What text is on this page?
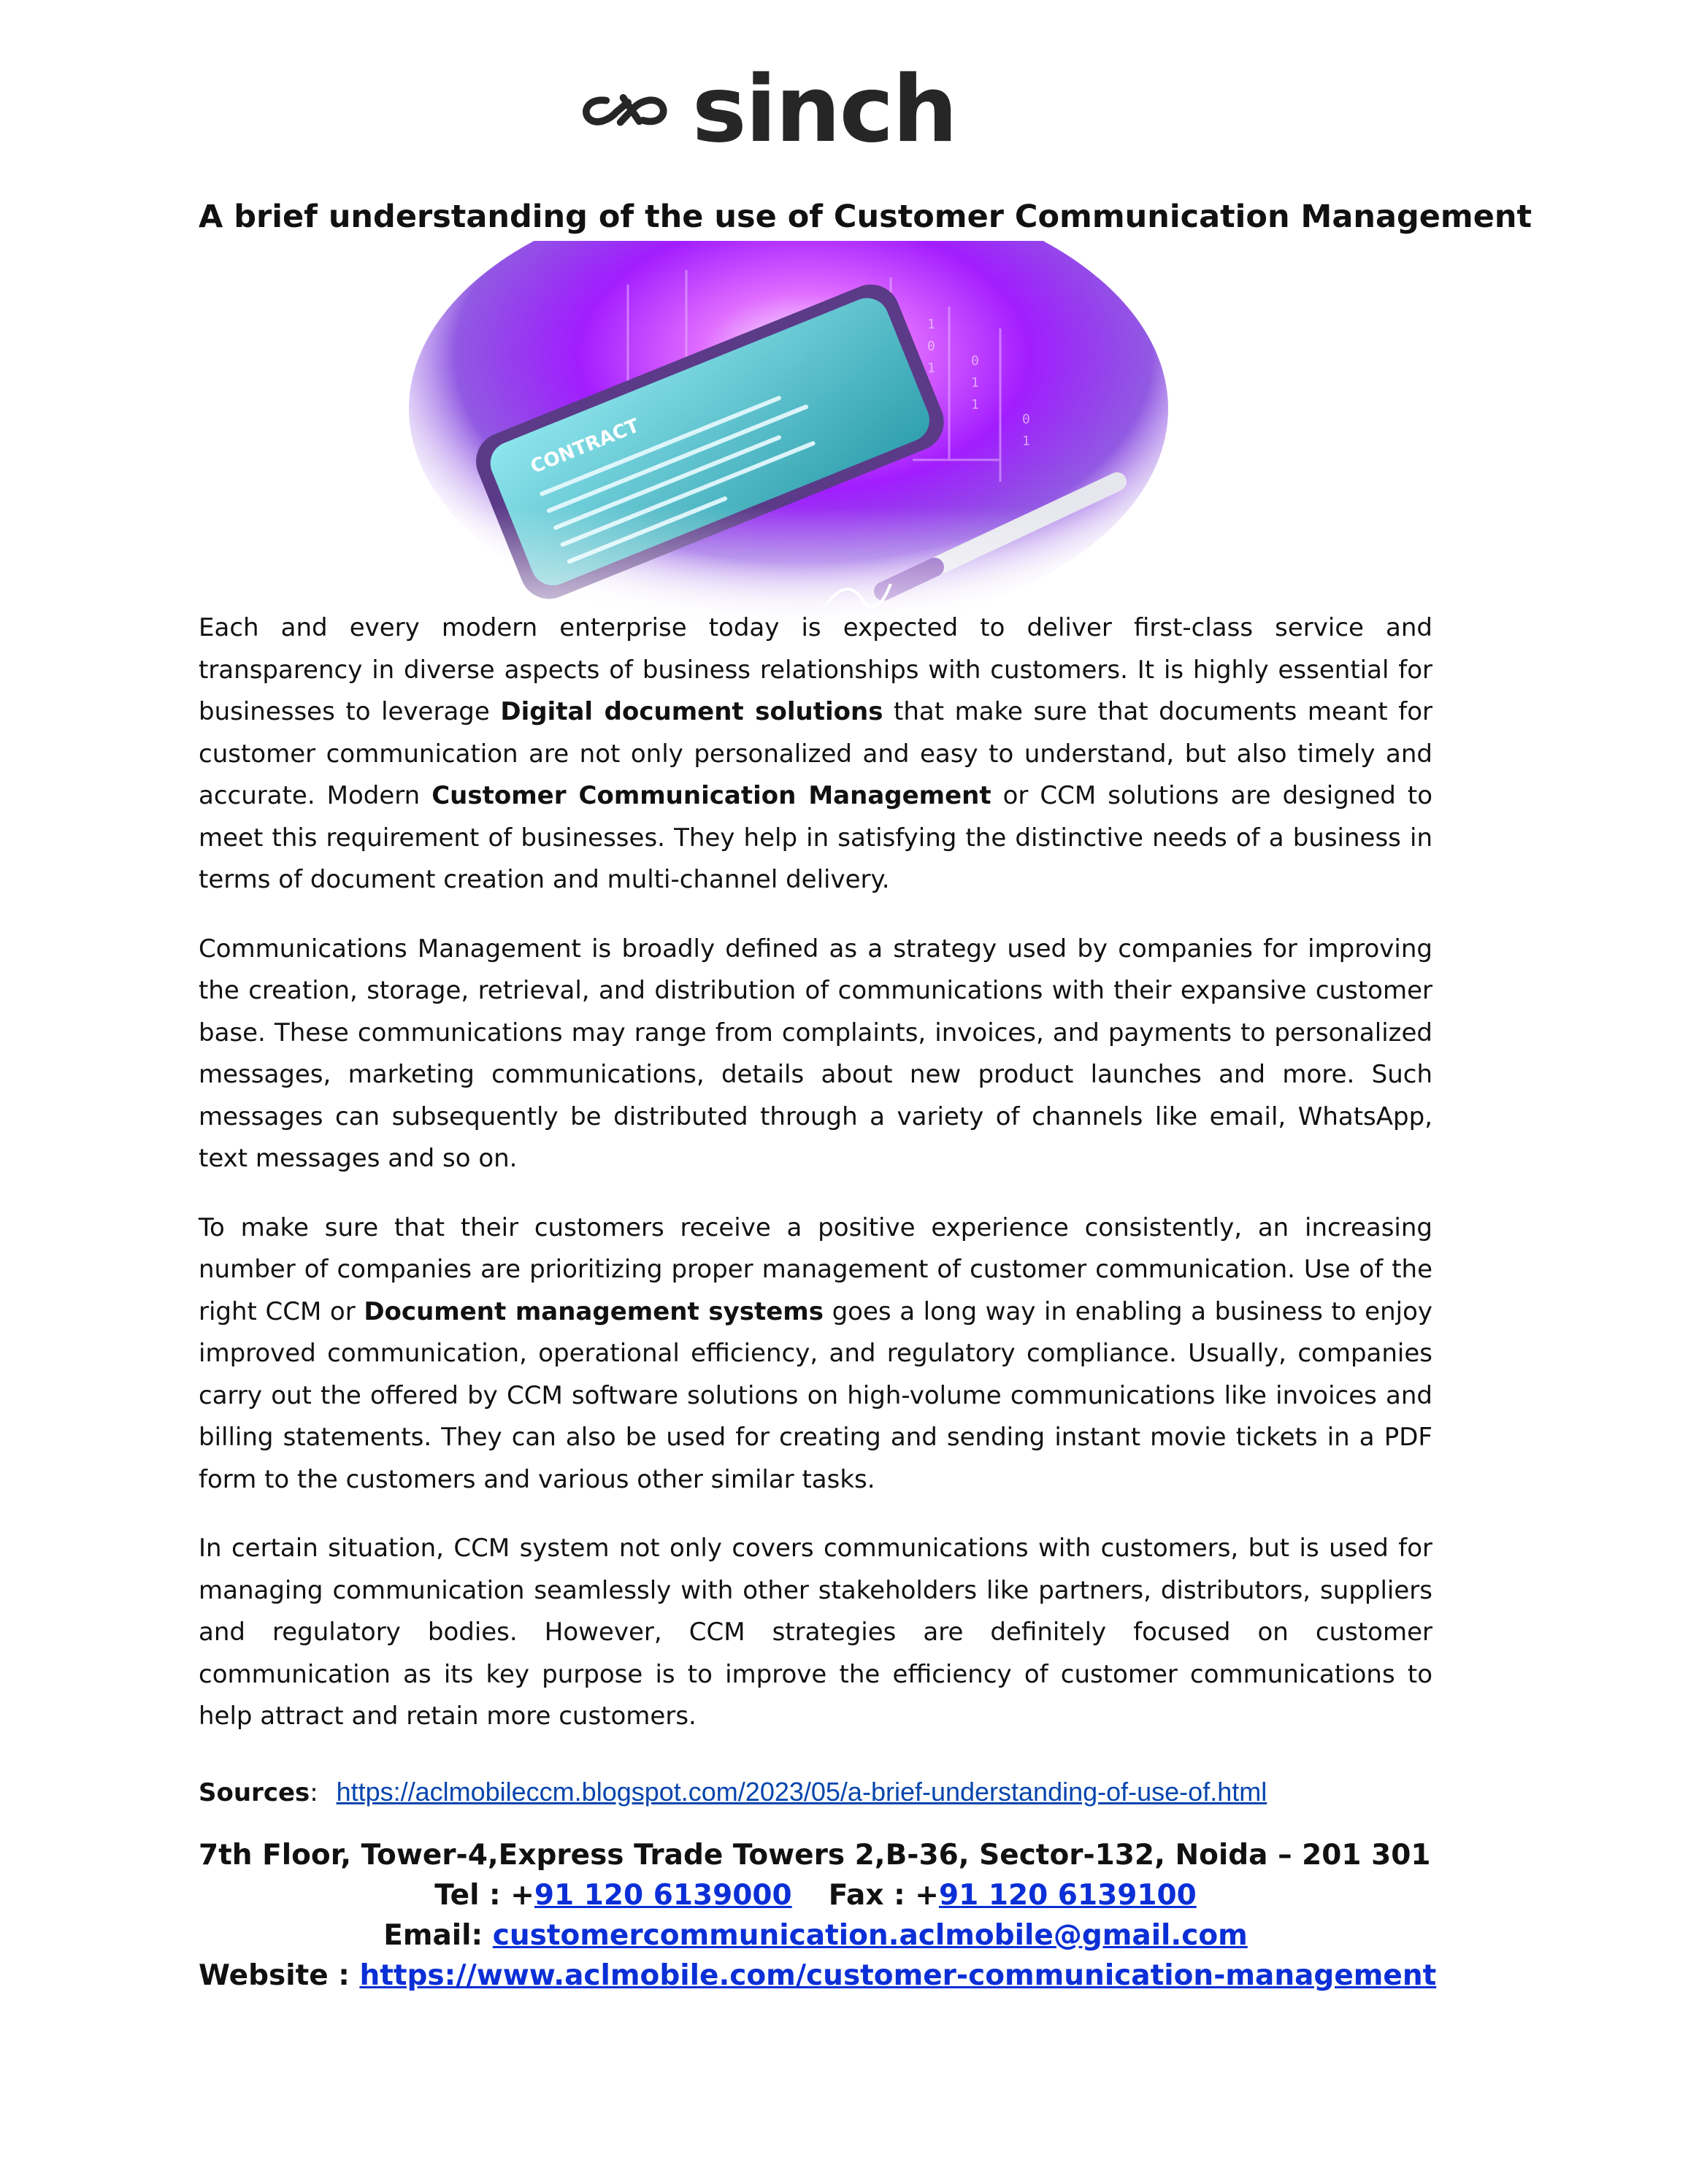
sinch
A brief understanding of the use of Customer Communication Management

Each and every modern enterprise today is expected to deliver first-class service and transparency in diverse aspects of business relationships with customers. It is highly essential for businesses to leverage Digital document solutions that make sure that documents meant for customer communication are not only personalized and easy to understand, but also timely and accurate. Modern Customer Communication Management or CCM solutions are designed to meet this requirement of businesses. They help in satisfying the distinctive needs of a business in terms of document creation and multi-channel delivery.

Communications Management is broadly defined as a strategy used by companies for improving the creation, storage, retrieval, and distribution of communications with their expansive customer base. These communications may range from complaints, invoices, and payments to personalized messages, marketing communications, details about new product launches and more. Such messages can subsequently be distributed through a variety of channels like email, WhatsApp, text messages and so on.

To make sure that their customers receive a positive experience consistently, an increasing number of companies are prioritizing proper management of customer communication. Use of the right CCM or Document management systems goes a long way in enabling a business to enjoy improved communication, operational efficiency, and regulatory compliance. Usually, companies carry out the offered by CCM software solutions on high-volume communications like invoices and billing statements. They can also be used for creating and sending instant movie tickets in a PDF form to the customers and various other similar tasks.

In certain situation, CCM system not only covers communications with customers, but is used for managing communication seamlessly with other stakeholders like partners, distributors, suppliers and regulatory bodies. However, CCM strategies are definitely focused on customer communication as its key purpose is to improve the efficiency of customer communications to help attract and retain more customers.

Sources: https://aclmobileccm.blogspot.com/2023/05/a-brief-understanding-of-use-of.html
7th Floor, Tower-4,Express Trade Towers 2,B-36, Sector-132, Noida – 201 301
Tel : +91 120 6139000 Fax : +91 120 6139100
Email: customercommunication.aclmobile@gmail.com
Website : https://www.aclmobile.com/customer-communication-management
